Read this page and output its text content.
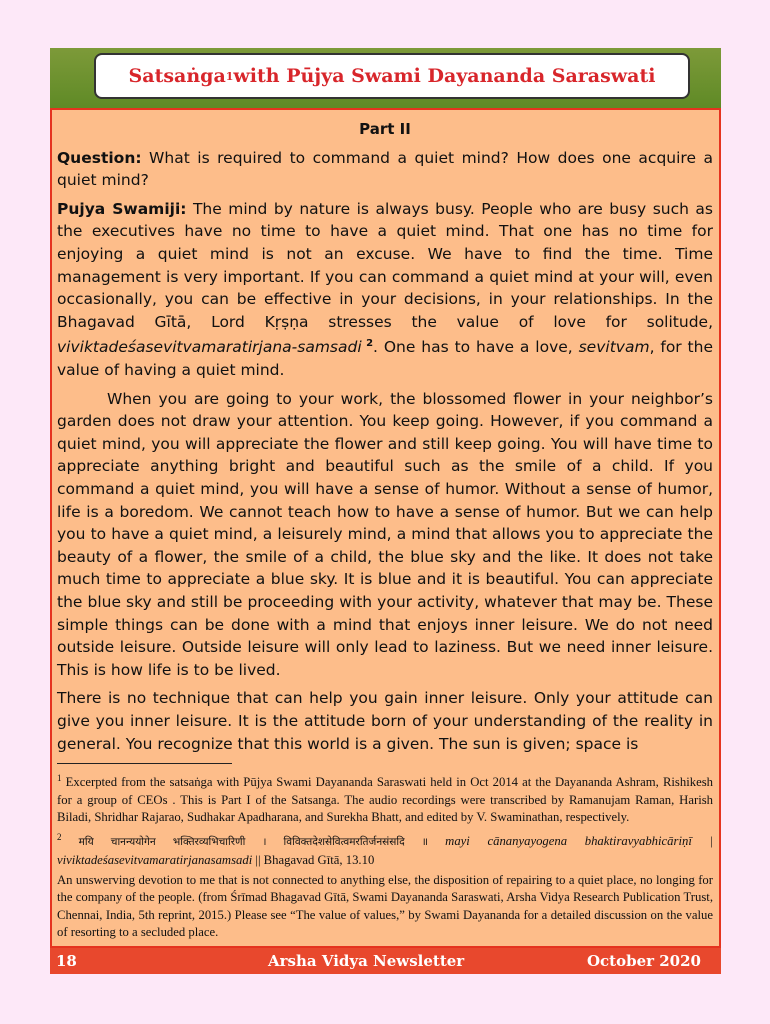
Satsaṅga 1 with Pūjya Swami Dayananda Saraswati
Part II

Question: What is required to command a quiet mind? How does one acquire a quiet mind?

Pujya Swamiji: The mind by nature is always busy. People who are busy such as the executives have no time to have a quiet mind. That one has no time for enjoying a quiet mind is not an excuse. We have to find the time. Time management is very important. If you can command a quiet mind at your will, even occasionally, you can be effective in your decisions, in your relationships. In the Bhagavad Gītā, Lord Kṛṣṇa stresses the value of love for solitude, viviktadeśasevitvamaratirjana-samsadi $^2$. One has to have a love, sevitvam, for the value of having a quiet mind.

When you are going to your work, the blossomed flower in your neighbor’s garden does not draw your attention. You keep going. However, if you command a quiet mind, you will appreciate the flower and still keep going. You will have time to appreciate anything bright and beautiful such as the smile of a child. If you command a quiet mind, you will have a sense of humor. Without a sense of humor, life is a boredom. We cannot teach how to have a sense of humor. But we can help you to have a quiet mind, a leisurely mind, a mind that allows you to appreciate the beauty of a flower, the smile of a child, the blue sky and the like. It does not take much time to appreciate a blue sky. It is blue and it is beautiful. You can appreciate the blue sky and still be proceeding with your activity, whatever that may be. These simple things can be done with a mind that enjoys inner leisure. We do not need outside leisure. Outside leisure will only lead to laziness. But we need inner leisure. This is how life is to be lived.

There is no technique that can help you gain inner leisure. Only your attitude can give you inner leisure. It is the attitude born of your understanding of the reality in general. You recognize that this world is a given. The sun is given; space is

$^1$ Excerpted from the satsaṅga with Pūjya Swami Dayananda Saraswati held in Oct 2014 at the Dayananda Ashram, Rishikesh for a group of CEOs . This is Part I of the Satsanga. The audio recordings were transcribed by Ramanujam Raman, Harish Biladi, Shridhar Rajarao, Sudhakar Apadharana, and Surekha Bhatt, and edited by V. Swaminathan, respectively.
$^2$ मयि चानन्ययोगेन भक्तिरव्यभिचारिणी । विविक्तदेशसेवित्वमरतिर्जनसंसदि ॥ mayi cānanyayogena bhaktiravyabhicāriṇī | viviktadeśasevitvamaratirjanasamsadi || Bhagavad Gītā, 13.10
An unswerving devotion to me that is not connected to anything else, the disposition of repairing to a quiet place, no longing for the company of the people. (from Śrīmad Bhagavad Gītā, Swami Dayananda Saraswati, Arsha Vidya Research Publication Trust, Chennai, India, 5th reprint, 2015.) Please see “The value of values,” by Swami Dayananda for a detailed discussion on the value of resorting to a secluded place.
18	Arsha Vidya Newsletter	October 2020
